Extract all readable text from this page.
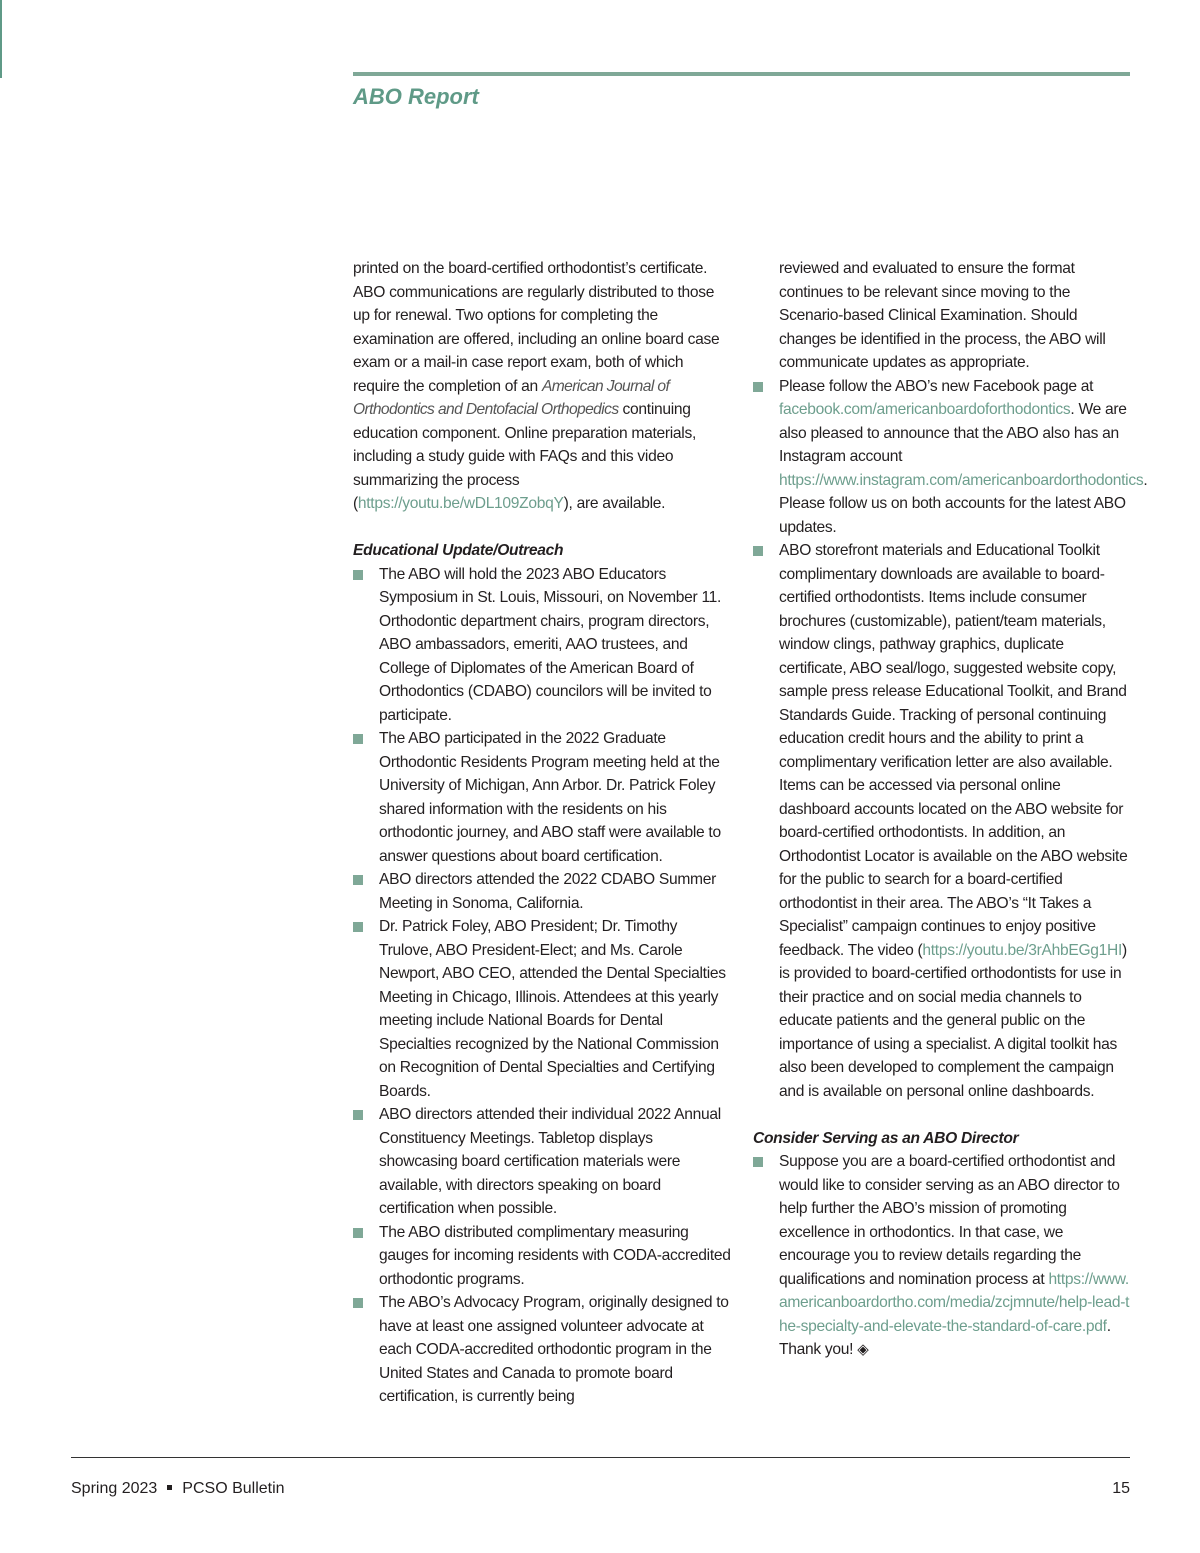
ABO Report

printed on the board-certified orthodontist’s certificate. ABO communications are regularly distributed to those up for renewal. Two options for completing the examination are offered, including an online board case exam or a mail-in case report exam, both of which require the completion of an American Journal of Orthodontics and Dentofacial Orthopedics continuing education component. Online preparation materials, including a study guide with FAQs and this video summarizing the process (https://youtu.be/wDL109ZobqY), are available.

Educational Update/Outreach

The ABO will hold the 2023 ABO Educators Symposium in St. Louis, Missouri, on November 11. Orthodontic department chairs, program directors, ABO ambassadors, emeriti, AAO trustees, and College of Diplomates of the American Board of Orthodontics (CDABO) councilors will be invited to participate.
The ABO participated in the 2022 Graduate Orthodontic Residents Program meeting held at the University of Michigan, Ann Arbor. Dr. Patrick Foley shared information with the residents on his orthodontic journey, and ABO staff were available to answer questions about board certification.
ABO directors attended the 2022 CDABO Summer Meeting in Sonoma, California.
Dr. Patrick Foley, ABO President; Dr. Timothy Trulove, ABO President-Elect; and Ms. Carole Newport, ABO CEO, attended the Dental Specialties Meeting in Chicago, Illinois. Attendees at this yearly meeting include National Boards for Dental Specialties recognized by the National Commission on Recognition of Dental Specialties and Certifying Boards.
ABO directors attended their individual 2022 Annual Constituency Meetings. Tabletop displays showcasing board certification materials were available, with directors speaking on board certification when possible.
The ABO distributed complimentary measuring gauges for incoming residents with CODA-accredited orthodontic programs.
The ABO’s Advocacy Program, originally designed to have at least one assigned volunteer advocate at each CODA-accredited orthodontic program in the United States and Canada to promote board certification, is currently being

reviewed and evaluated to ensure the format continues to be relevant since moving to the Scenario-based Clinical Examination. Should changes be identified in the process, the ABO will communicate updates as appropriate.

Please follow the ABO’s new Facebook page at facebook.com/americanboardoforthodontics. We are also pleased to announce that the ABO also has an Instagram account https://www.instagram.com/americanboardorthodontics. Please follow us on both accounts for the latest ABO updates.
ABO storefront materials and Educational Toolkit complimentary downloads are available to board-certified orthodontists. Items include consumer brochures (customizable), patient/team materials, window clings, pathway graphics, duplicate certificate, ABO seal/logo, suggested website copy, sample press release Educational Toolkit, and Brand Standards Guide. Tracking of personal continuing education credit hours and the ability to print a complimentary verification letter are also available. Items can be accessed via personal online dashboard accounts located on the ABO website for board-certified orthodontists. In addition, an Orthodontist Locator is available on the ABO website for the public to search for a board-certified orthodontist in their area. The ABO’s “It Takes a Specialist” campaign continues to enjoy positive feedback. The video (https://youtu.be/3rAhbEGg1HI) is provided to board-certified orthodontists for use in their practice and on social media channels to educate patients and the general public on the importance of using a specialist. A digital toolkit has also been developed to complement the campaign and is available on personal online dashboards.

Consider Serving as an ABO Director

Suppose you are a board-certified orthodontist and would like to consider serving as an ABO director to help further the ABO’s mission of promoting excellence in orthodontics. In that case, we encourage you to review details regarding the qualifications and nomination process at https://www.americanboardortho.com/media/zcjmnute/help-lead-the-specialty-and-elevate-the-standard-of-care.pdf. Thank you! ◈
Spring 2023 PCSO Bulletin	15
